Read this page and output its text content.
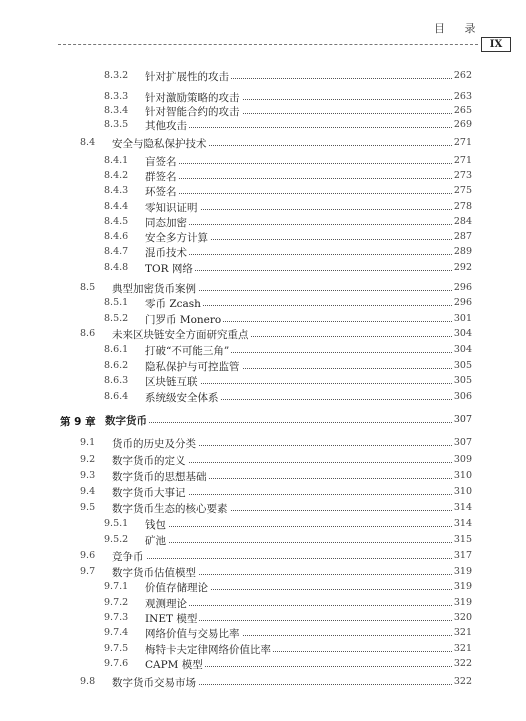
目 录
IX
8.3.2 针对扩展性的攻击	262
8.3.3 针对激励策略的攻击	263
8.3.4 针对智能合约的攻击	265
8.3.5 其他攻击	269
8.4 安全与隐私保护技术	271
8.4.1 盲签名	271
8.4.2 群签名	273
8.4.3 环签名	275
8.4.4 零知识证明	278
8.4.5 同态加密	284
8.4.6 安全多方计算	287
8.4.7 混币技术	289
8.4.8 TOR 网络	292
8.5 典型加密货币案例	296
8.5.1 零币 Zcash	296
8.5.2 门罗币 Monero	301
8.6 未来区块链安全方面研究重点	304
8.6.1 打破“不可能三角”	304
8.6.2 隐私保护与可控监管	305
8.6.3 区块链互联	305
8.6.4 系统级安全体系	306
第 9 章 数字货币	307
9.1 货币的历史及分类	307
9.2 数字货币的定义	309
9.3 数字货币的思想基础	310
9.4 数字货币大事记	310
9.5 数字货币生态的核心要素	314
9.5.1 钱包	314
9.5.2 矿池	315
9.6 竞争币	317
9.7 数字货币估值模型	319
9.7.1 价值存储理论	319
9.7.2 观测理论	319
9.7.3 INET 模型	320
9.7.4 网络价值与交易比率	321
9.7.5 梅特卡夫定律网络价值比率	321
9.7.6 CAPM 模型	322
9.8 数字货币交易市场	322
